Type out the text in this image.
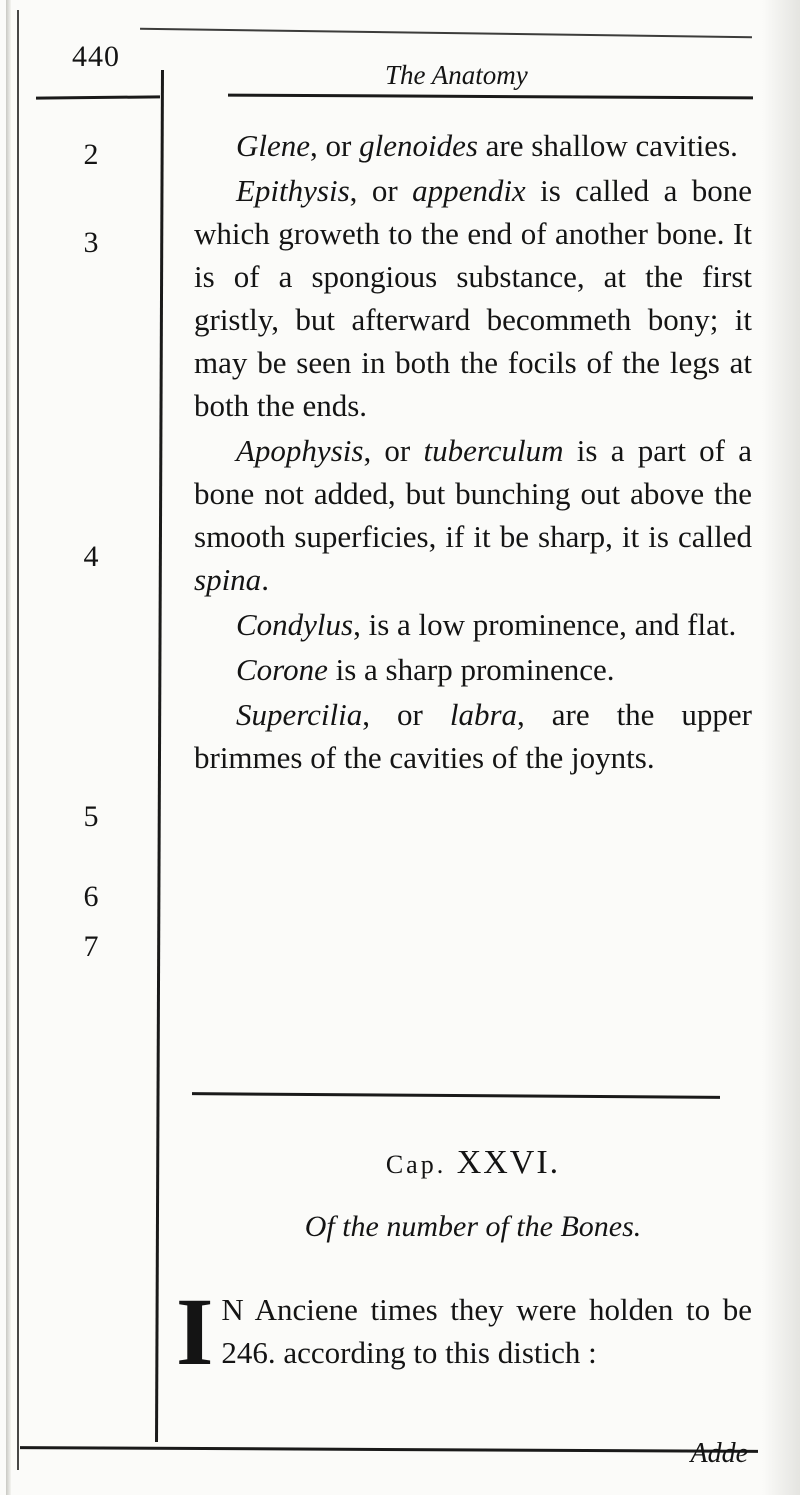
440
The Anatomy
2
3
4
5
6
7

Glene, or glenoides are shallow cavities.

Epithysis, or appendix is called a bone which groweth to the end of another bone. It is of a spongious substance, at the first gristly, but afterward becommeth bony; it may be seen in both the focils of the legs at both the ends.

Apophysis, or tuberculum is a part of a bone not added, but bunching out above the smooth superficies, if it be sharp, it is called spina.

Condylus, is a low prominence, and flat.

Corone is a sharp prominence.

Supercilia, or labra, are the upper brimmes of the cavities of the joynts.

Cap. XXVI.
Of the number of the Bones.
I N Anciene times they were holden to be 246. according to this distich :
Adde
